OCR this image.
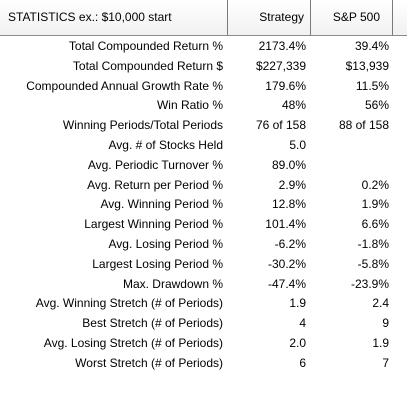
STATISTICS ex.: $10,000 start	Strategy	S&P 500
Total Compounded Return %	2173.4%	39.4%
Total Compounded Return $	$227,339	$13,939
Compounded Annual Growth Rate %	179.6%	11.5%
Win Ratio %	48%	56%
Winning Periods/Total Periods	76 of 158	88 of 158
Avg. # of Stocks Held	5.0
Avg. Periodic Turnover %	89.0%
Avg. Return per Period %	2.9%	0.2%
Avg. Winning Period %	12.8%	1.9%
Largest Winning Period %	101.4%	6.6%
Avg. Losing Period %	-6.2%	-1.8%
Largest Losing Period %	-30.2%	-5.8%
Max. Drawdown %	-47.4%	-23.9%
Avg. Winning Stretch (# of Periods)	1.9	2.4
Best Stretch (# of Periods)	4	9
Avg. Losing Stretch (# of Periods)	2.0	1.9
Worst Stretch (# of Periods)	6	7
